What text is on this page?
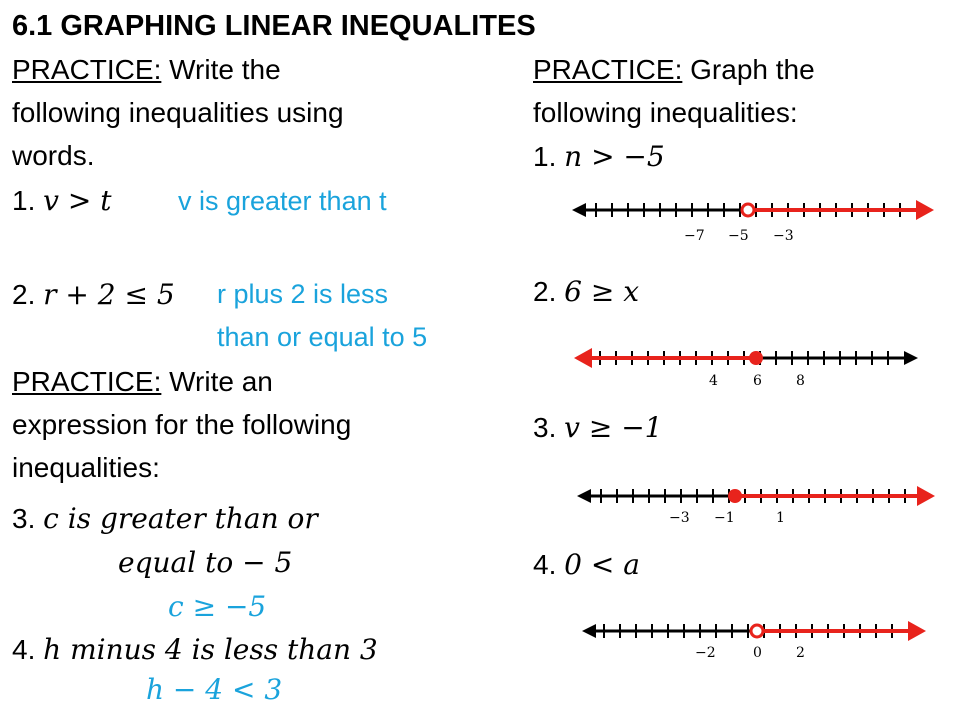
6.1 GRAPHING LINEAR INEQUALITES
PRACTICE: Write the
following inequalities using
words.
1. v > t v is greater than t
2. r + 2 ≤ 5 r plus 2 is less
than or equal to 5
PRACTICE: Write an
expression for the following
inequalities:
3. c is greater than or
equal to − 5
c ≥ −5
4. h minus 4 is less than 3
h − 4 < 3
PRACTICE: Graph the
following inequalities:
1. n > −5
2. 6 ≥ x
3. v ≥ −1
4. 0 < a
−7 −5 −3
4	6 8
−3 −1	1
−2	0 2
